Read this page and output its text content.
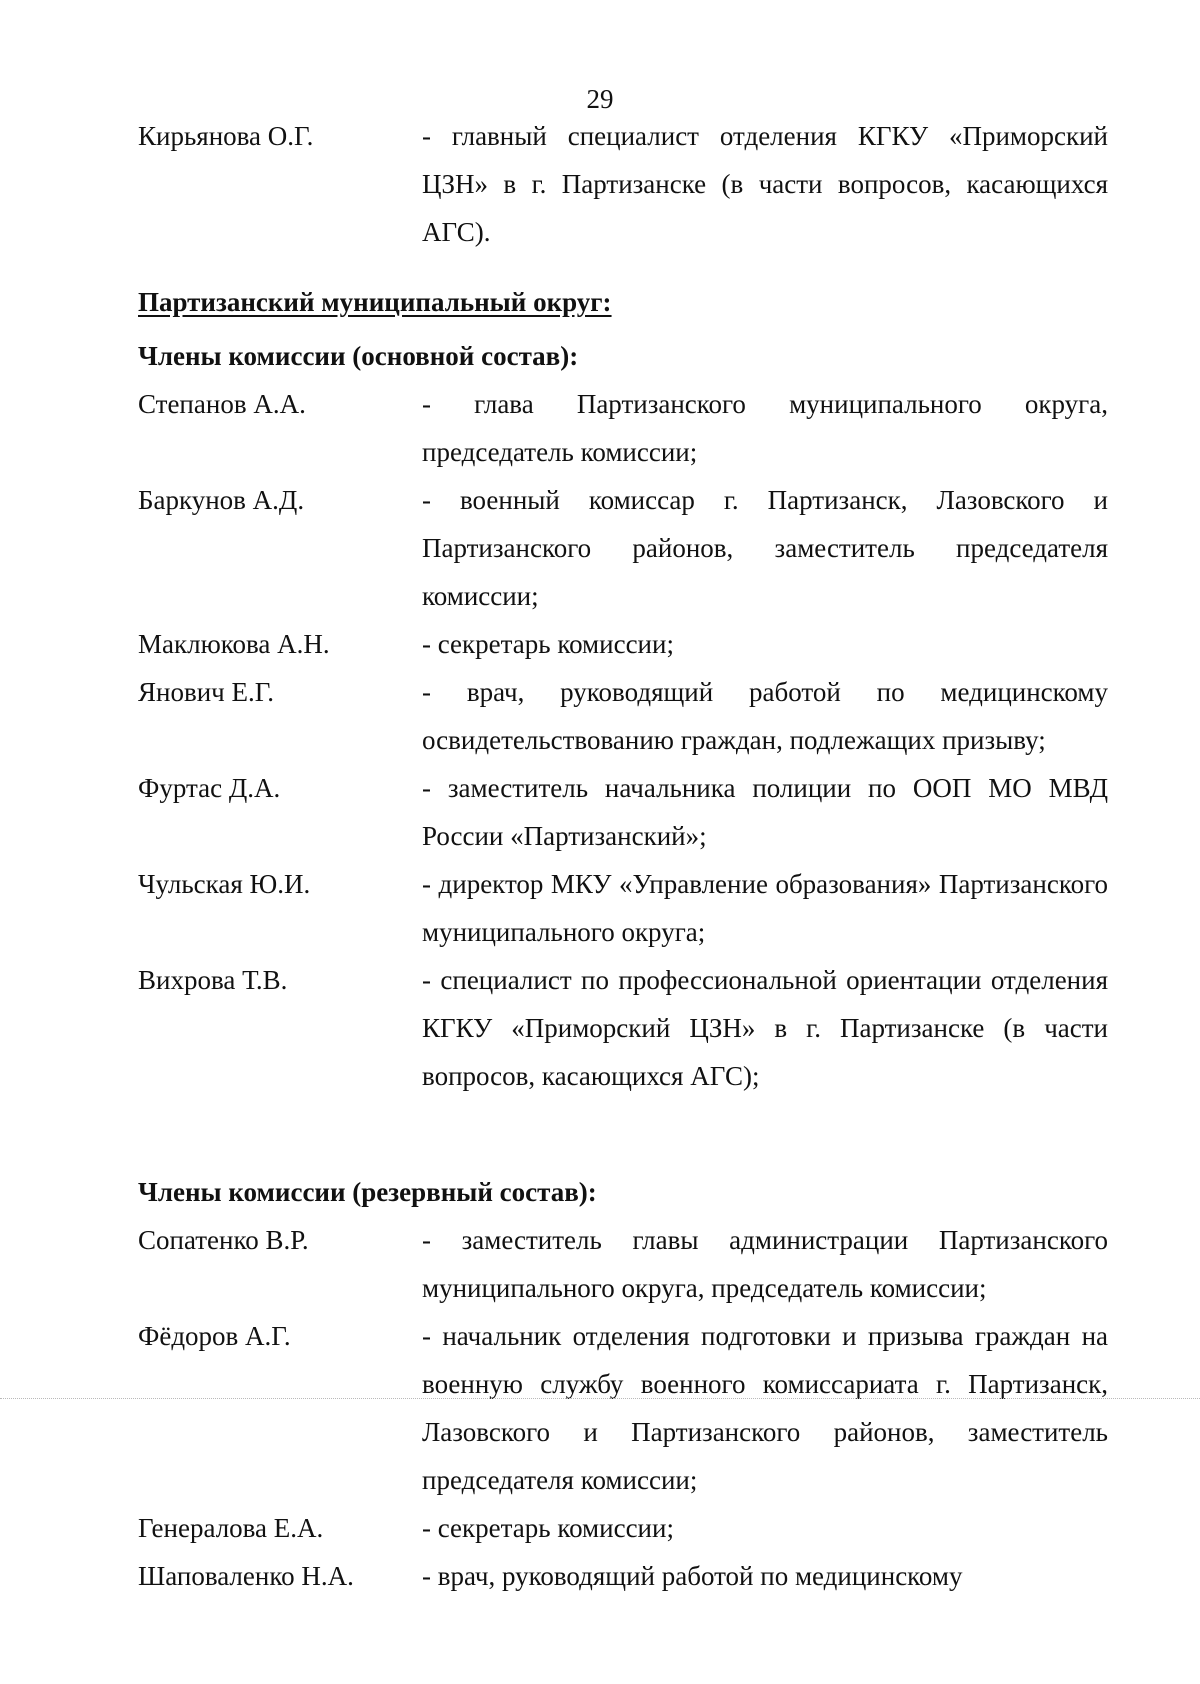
29
Кирьянова О.Г.	- главный специалист отделения КГКУ «Приморский ЦЗН» в г. Партизанске (в части вопросов, касающихся АГС).
Партизанский муниципальный округ:
Члены комиссии (основной состав):
Степанов А.А.	- глава Партизанского муниципального округа, председатель комиссии;
Баркунов А.Д.	- военный комиссар г. Партизанск, Лазовского и Партизанского районов, заместитель председателя комиссии;
Маклюкова А.Н.	- секретарь комиссии;
Янович Е.Г.	- врач, руководящий работой по медицинскому освидетельствованию граждан, подлежащих призыву;
Фуртас Д.А.	- заместитель начальника полиции по ООП МО МВД России «Партизанский»;
Чульская Ю.И.	- директор МКУ «Управление образования» Партизанского муниципального округа;
Вихрова Т.В.	- специалист по профессиональной ориентации отделения КГКУ «Приморский ЦЗН» в г. Партизанске (в части вопросов, касающихся АГС);
Члены комиссии (резервный состав):
Сопатенко В.Р.	- заместитель главы администрации Партизанского муниципального округа, председатель комиссии;
Фёдоров А.Г.	- начальник отделения подготовки и призыва граждан на военную службу военного комиссариата г. Партизанск, Лазовского и Партизанского районов, заместитель председателя комиссии;
Генералова Е.А.	- секретарь комиссии;
Шаповаленко Н.А.	- врач, руководящий работой по медицинскому
